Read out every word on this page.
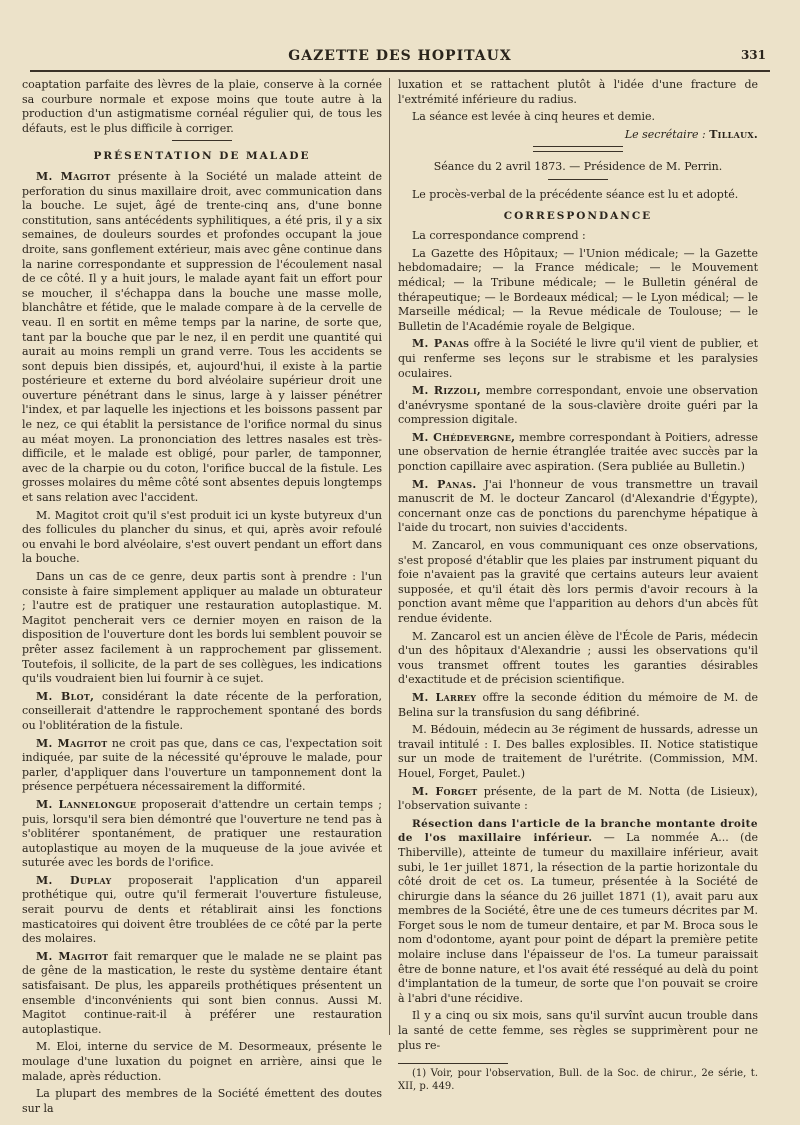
GAZETTE DES HOPITAUX	331

coaptation parfaite des lèvres de la plaie, conserve à la cornée sa courbure normale et expose moins que toute autre à la production d'un astigmatisme cornéal régulier qui, de tous les défauts, est le plus difficile à corriger.

PRÉSENTATION DE MALADE

M. Magitot présente à la Société un malade atteint de perforation du sinus maxillaire droit, avec communication dans la bouche. Le sujet, âgé de trente-cinq ans, d'une bonne constitution, sans antécédents syphilitiques, a été pris, il y a six semaines, de douleurs sourdes et profondes occupant la joue droite, sans gonflement extérieur, mais avec gêne continue dans la narine correspondante et suppression de l'écoulement nasal de ce côté. Il y a huit jours, le malade ayant fait un effort pour se moucher, il s'échappa dans la bouche une masse molle, blanchâtre et fétide, que le malade compare à de la cervelle de veau. Il en sortit en même temps par la narine, de sorte que, tant par la bouche que par le nez, il en perdit une quantité qui aurait au moins rempli un grand verre. Tous les accidents se sont depuis bien dissipés, et, aujourd'hui, il existe à la partie postérieure et externe du bord alvéolaire supérieur droit une ouverture pénétrant dans le sinus, large à y laisser pénétrer l'index, et par laquelle les injections et les boissons passent par le nez, ce qui établit la persistance de l'orifice normal du sinus au méat moyen. La prononciation des lettres nasales est très-difficile, et le malade est obligé, pour parler, de tamponner, avec de la charpie ou du coton, l'orifice buccal de la fistule. Les grosses molaires du même côté sont absentes depuis longtemps et sans relation avec l'accident.

M. Magitot croit qu'il s'est produit ici un kyste butyreux d'un des follicules du plancher du sinus, et qui, après avoir refoulé ou envahi le bord alvéolaire, s'est ouvert pendant un effort dans la bouche.

Dans un cas de ce genre, deux partis sont à prendre : l'un consiste à faire simplement appliquer au malade un obturateur ; l'autre est de pratiquer une restauration autoplastique. M. Magitot pencherait vers ce dernier moyen en raison de la disposition de l'ouverture dont les bords lui semblent pouvoir se prêter assez facilement à un rapprochement par glissement. Toutefois, il sollicite, de la part de ses collègues, les indications qu'ils voudraient bien lui fournir à ce sujet.

M. Blot, considérant la date récente de la perforation, conseillerait d'attendre le rapprochement spontané des bords ou l'oblitération de la fistule.

M. Magitot ne croit pas que, dans ce cas, l'expectation soit indiquée, par suite de la nécessité qu'éprouve le malade, pour parler, d'appliquer dans l'ouverture un tamponnement dont la présence perpétuera nécessairement la difformité.

M. Lannelongue proposerait d'attendre un certain temps ; puis, lorsqu'il sera bien démontré que l'ouverture ne tend pas à s'oblitérer spontanément, de pratiquer une restauration autoplastique au moyen de la muqueuse de la joue avivée et suturée avec les bords de l'orifice.

M. Duplay proposerait l'application d'un appareil prothétique qui, outre qu'il fermerait l'ouverture fistuleuse, serait pourvu de dents et rétablirait ainsi les fonctions masticatoires qui doivent être troublées de ce côté par la perte des molaires.

M. Magitot fait remarquer que le malade ne se plaint pas de gêne de la mastication, le reste du système dentaire étant satisfaisant. De plus, les appareils prothétiques présentent un ensemble d'inconvénients qui sont bien connus. Aussi M. Magitot continue-rait-il à préférer une restauration autoplastique.

M. Eloi, interne du service de M. Desormeaux, présente le moulage d'une luxation du poignet en arrière, ainsi que le malade, après réduction.

La plupart des membres de la Société émettent des doutes sur la

luxation et se rattachent plutôt à l'idée d'une fracture de l'extrémité inférieure du radius.

La séance est levée à cinq heures et demie.

Le secrétaire : Tillaux.

Séance du 2 avril 1873. — Présidence de M. Perrin.

Le procès-verbal de la précédente séance est lu et adopté.

CORRESPONDANCE

La correspondance comprend :

La Gazette des Hôpitaux; — l'Union médicale; — la Gazette hebdomadaire; — la France médicale; — le Mouvement médical; — la Tribune médicale; — le Bulletin général de thérapeutique; — le Bordeaux médical; — le Lyon médical; — le Marseille médical; — la Revue médicale de Toulouse; — le Bulletin de l'Académie royale de Belgique.

M. Panas offre à la Société le livre qu'il vient de publier, et qui renferme ses leçons sur le strabisme et les paralysies oculaires.

M. Rizzoli, membre correspondant, envoie une observation d'anévrysme spontané de la sous-clavière droite guéri par la compression digitale.

M. Chédevergne, membre correspondant à Poitiers, adresse une observation de hernie étranglée traitée avec succès par la ponction capillaire avec aspiration. (Sera publiée au Bulletin.)

M. Panas. J'ai l'honneur de vous transmettre un travail manuscrit de M. le docteur Zancarol (d'Alexandrie d'Égypte), concernant onze cas de ponctions du parenchyme hépatique à l'aide du trocart, non suivies d'accidents.

M. Zancarol, en vous communiquant ces onze observations, s'est proposé d'établir que les plaies par instrument piquant du foie n'avaient pas la gravité que certains auteurs leur avaient supposée, et qu'il était dès lors permis d'avoir recours à la ponction avant même que l'apparition au dehors d'un abcès fût rendue évidente.

M. Zancarol est un ancien élève de l'École de Paris, médecin d'un des hôpitaux d'Alexandrie ; aussi les observations qu'il vous transmet offrent toutes les garanties désirables d'exactitude et de précision scientifique.

M. Larrey offre la seconde édition du mémoire de M. de Belina sur la transfusion du sang défibriné.

M. Bédouin, médecin au 3e régiment de hussards, adresse un travail intitulé : I. Des balles explosibles. II. Notice statistique sur un mode de traitement de l'urétrite. (Commission, MM. Houel, Forget, Paulet.)

M. Forget présente, de la part de M. Notta (de Lisieux), l'observation suivante :

Résection dans l'article de la branche montante droite de l'os maxillaire inférieur. — La nommée A... (de Thiberville), atteinte de tumeur du maxillaire inférieur, avait subi, le 1er juillet 1871, la résection de la partie horizontale du côté droit de cet os. La tumeur, présentée à la Société de chirurgie dans la séance du 26 juillet 1871 (1), avait paru aux membres de la Société, être une de ces tumeurs décrites par M. Forget sous le nom de tumeur dentaire, et par M. Broca sous le nom d'odontome, ayant pour point de départ la première petite molaire incluse dans l'épaisseur de l'os. La tumeur paraissait être de bonne nature, et l'os avait été resséqué au delà du point d'implantation de la tumeur, de sorte que l'on pouvait se croire à l'abri d'une récidive.

Il y a cinq ou six mois, sans qu'il survînt aucun trouble dans la santé de cette femme, ses règles se supprimèrent pour ne plus re-

(1) Voir, pour l'observation, Bull. de la Soc. de chirur., 2e série, t. XII, p. 449.
